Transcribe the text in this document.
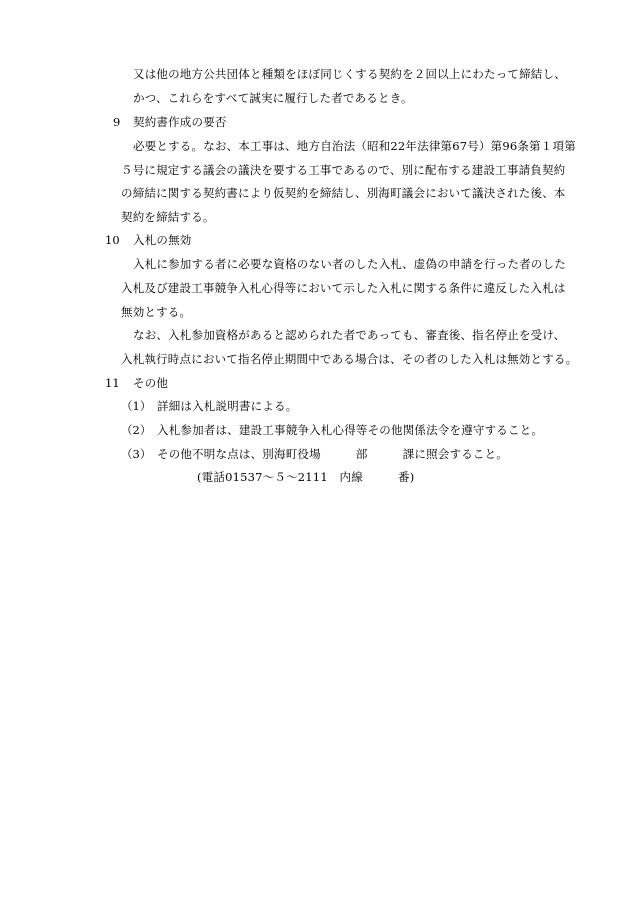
又は他の地方公共団体と種類をほぼ同じくする契約を２回以上にわたって締結し、
かつ、これらをすべて誠実に履行した者であるとき。
9 契約書作成の要否
必要とする。なお、本工事は、地方自治法（昭和22年法律第67号）第96条第１項第
５号に規定する議会の議決を要する工事であるので、別に配布する建設工事請負契約
の締結に関する契約書により仮契約を締結し、別海町議会において議決された後、本
契約を締結する。
10 入札の無効
入札に参加する者に必要な資格のない者のした入札、虚偽の申請を行った者のした
入札及び建設工事競争入札心得等において示した入札に関する条件に違反した入札は
無効とする。
なお、入札参加資格があると認められた者であっても、審査後、指名停止を受け、
入札執行時点において指名停止期間中である場合は、その者のした入札は無効とする。
11 その他
（1） 詳細は入札説明書による。
（2） 入札参加者は、建設工事競争入札心得等その他関係法令を遵守すること。
（3） その他不明な点は、別海町役場　　　部　　　課に照会すること。
(電話01537～５～2111　内線　　　番)
